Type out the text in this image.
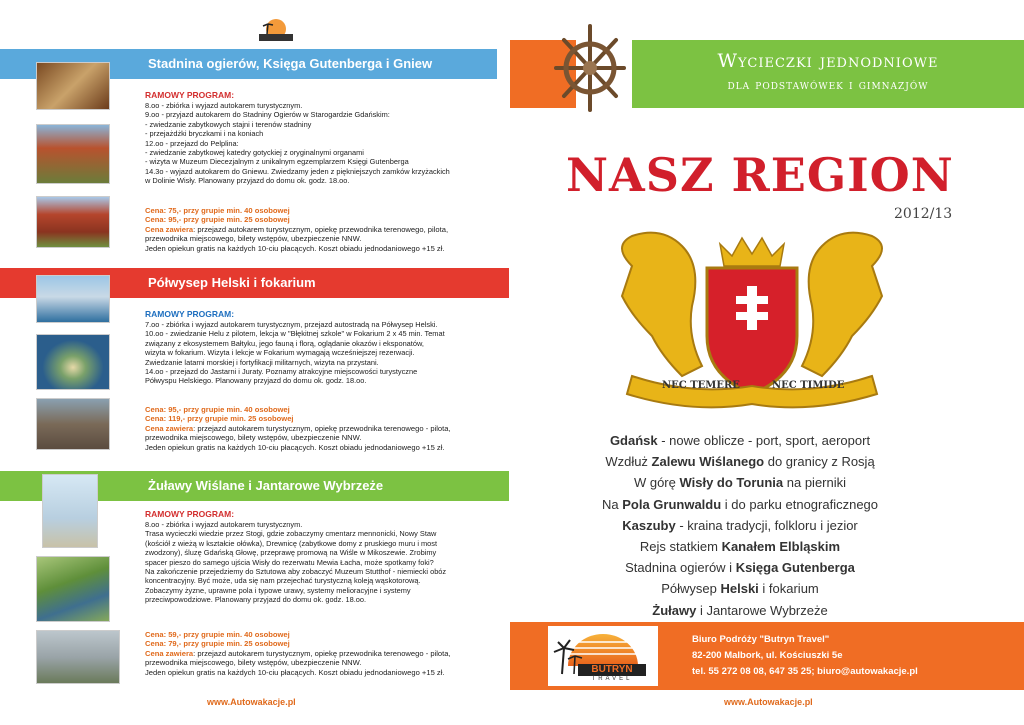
Stadnina ogierów, Księga Gutenberga i Gniew
RAMOWY PROGRAM:
8.oo - zbiórka i wyjazd autokarem turystycznym.
9.oo - przyjazd autokarem do Stadniny Ogierów w Starogardzie Gdańskim:
- zwiedzanie zabytkowych stajni i terenów stadniny
- przejażdżki bryczkami i na koniach
12.oo - przejazd do Pelplina:
- zwiedzanie zabytkowej katedry gotyckiej z oryginalnymi organami
- wizyta w Muzeum Diecezjalnym z unikalnym egzemplarzem Księgi Gutenberga
14.3o - wyjazd autokarem do Gniewu. Zwiedzamy jeden z piękniejszych zamków krzyżackich
w Dolinie Wisły. Planowany przyjazd do domu ok. godz. 18.oo.
Cena: 75,- przy grupie min. 40 osobowej
Cena: 95,- przy grupie min. 25 osobowej
Cena zawiera: przejazd autokarem turystycznym, opiekę przewodnika terenowego, pilota,
przewodnika miejscowego, bilety wstępów, ubezpieczenie NNW.
Jeden opiekun gratis na każdych 10-ciu płacących. Koszt obiadu jednodaniowego +15 zł.
Półwysep Helski i fokarium
RAMOWY PROGRAM:
7.oo - zbiórka i wyjazd autokarem turystycznym, przejazd autostradą na Półwysep Helski.
10.oo - zwiedzanie Helu z pilotem, lekcja w "Błękitnej szkole" w Fokarium 2 x 45 min. Temat
związany z ekosystemem Bałtyku, jego fauną i florą, oglądanie okazów i eksponatów,
wizyta w fokarium. Wizyta i lekcje w Fokarium wymagają wcześniejszej rezerwacji.
Zwiedzanie latarni morskiej i fortyfikacji militarnych, wizyta na przystani.
14.oo - przejazd do Jastarni i Juraty. Poznamy atrakcyjne miejscowości turystyczne
Półwyspu Helskiego. Planowany przyjazd do domu ok. godz. 18.oo.
Cena: 95,- przy grupie min. 40 osobowej
Cena: 119,- przy grupie min. 25 osobowej
Cena zawiera: przejazd autokarem turystycznym, opiekę przewodnika terenowego - pilota,
przewodnika miejscowego, bilety wstępów, ubezpieczenie NNW.
Jeden opiekun gratis na każdych 10-ciu płacących. Koszt obiadu jednodaniowego +15 zł.
Żuławy Wiślane i Jantarowe Wybrzeże
RAMOWY PROGRAM:
8.oo - zbiórka i wyjazd autokarem turystycznym.
Trasa wycieczki wiedzie przez Stogi, gdzie zobaczymy cmentarz mennonicki, Nowy Staw
(kościół z wieżą w kształcie ołówka), Drewnicę (zabytkowe domy z pruskiego muru i most
zwodzony), śluzę Gdańską Głowę, przeprawę promową na Wiśle w Mikoszewie. Zrobimy
spacer pieszo do samego ujścia Wisły do rezerwatu Mewia Łacha, może spotkamy foki?
Na zakończenie przejedziemy do Sztutowa aby zobaczyć Muzeum Stutthof - niemiecki obóz
koncentracyjny. Być może, uda się nam przejechać turystyczną koleją wąskotorową.
Zobaczymy żyzne, uprawne pola i typowe urawy, systemy melioracyjne i systemy
przeciwpowodziowe. Planowany przyjazd do domu ok. godz. 18.oo.
Cena: 59,- przy grupie min. 40 osobowej
Cena: 79,- przy grupie min. 25 osobowej
Cena zawiera: przejazd autokarem turystycznym, opiekę przewodnika terenowego - pilota,
przewodnika miejscowego, bilety wstępów, ubezpieczenie NNW.
Jeden opiekun gratis na każdych 10-ciu płacących. Koszt obiadu jednodaniowego +15 zł.
www.Autowakacje.pl
Wycieczki jednodniowe
dla podstawówek i gimnazjów
NASZ REGION
2012/13
NEC TEMERE	NEC TIMIDE
Gdańsk - nowe oblicze - port, sport, aeroport
Wzdłuż Zalewu Wiślanego do granicy z Rosją
W górę Wisły do Torunia na pierniki
Na Pola Grunwaldu i do parku etnograficznego
Kaszuby - kraina tradycji, folkloru i jezior
Rejs statkiem Kanałem Elbląskim
Stadnina ogierów i Księga Gutenberga
Półwysep Helski i fokarium
Żuławy i Jantarowe Wybrzeże
BUTRYN
TRAVEL
Biuro Podróży "Butryn Travel"
82-200 Malbork, ul. Kościuszki 5e
tel. 55 272 08 08, 647 35 25; biuro@autowakacje.pl
www.Autowakacje.pl
